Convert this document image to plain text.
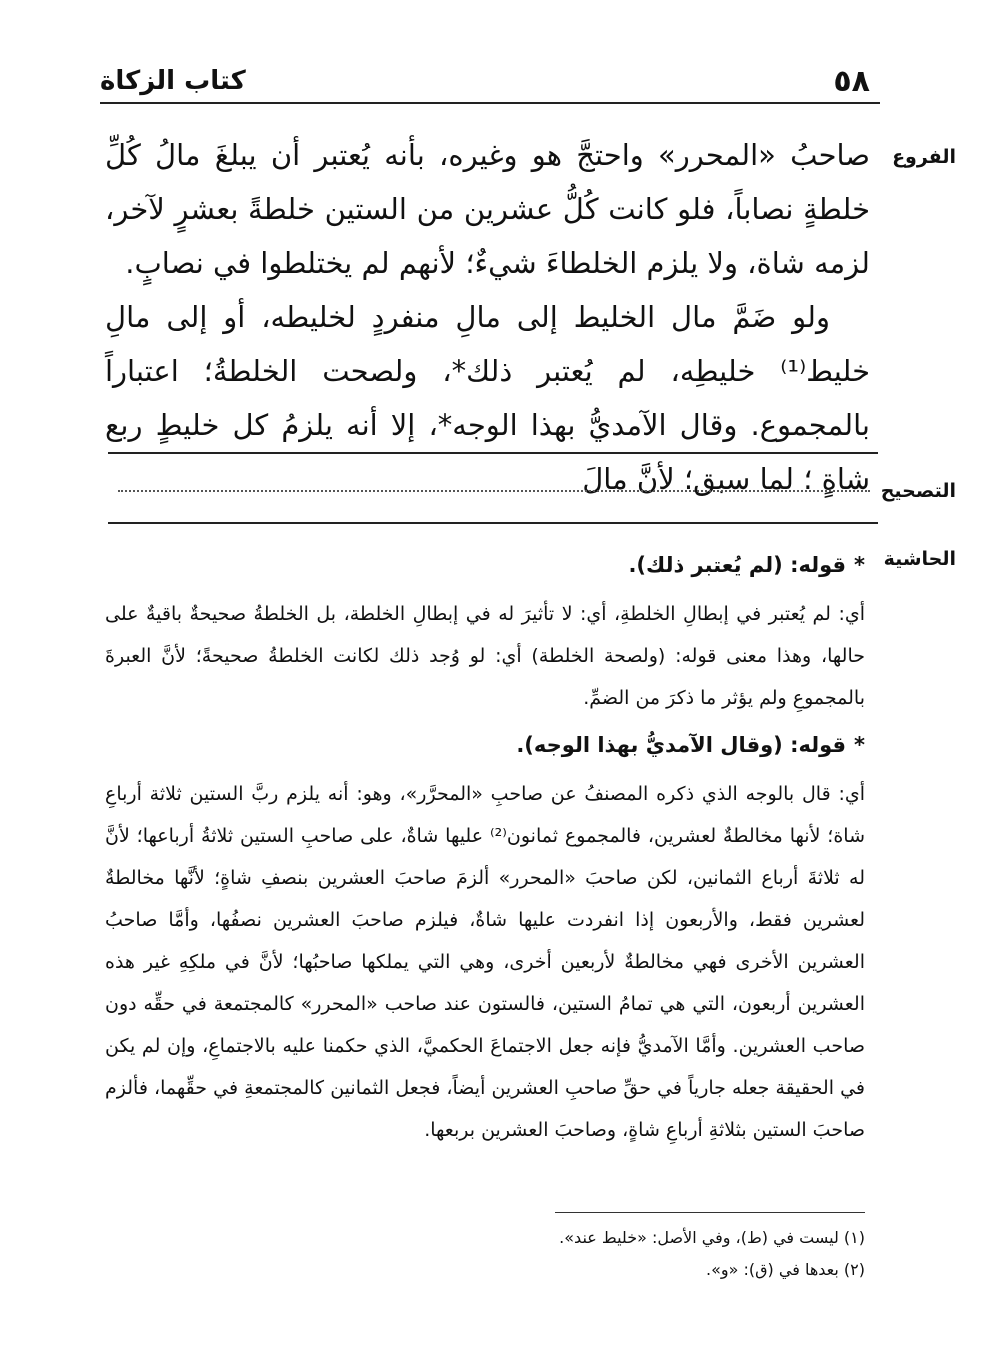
٥٨
كتاب الزكاة
الفروع

صاحبُ «المحرر» واحتجَّ هو وغيره، بأنه يُعتبر أن يبلغَ مالُ كُلِّ خلطةٍ نصاباً، فلو كانت كُلُّ عشرين من الستين خلطةً بعشرٍ لآخر، لزمه شاة، ولا يلزم الخلطاءَ شيءٌ؛ لأنهم لم يختلطوا في نصابٍ.

ولو ضَمَّ مال الخليط إلى مالِ منفردٍ لخليطه، أو إلى مالِ خليط⁽¹⁾ خليطِه، لم يُعتبر ذلك*، ولصحت الخلطةُ؛ اعتباراً بالمجموع. وقال الآمديُّ بهذا الوجه*، إلا أنه يلزمُ كل خليطٍ ربع شاةٍ ؛ لما سبق؛ لأنَّ مالَ التصحيح
الحاشية

*قوله: (لم يُعتبر ذلك).

أي: لم يُعتبر في إبطالِ الخلطةِ، أي: لا تأثيرَ له في إبطالِ الخلطة، بل الخلطةُ صحيحةٌ باقيةٌ على حالها، وهذا معنى قوله: (ولصحة الخلطة) أي: لو وُجد ذلك لكانت الخلطةُ صحيحةً؛ لأنَّ العبرةَ بالمجموعِ ولم يؤثر ما ذكرَ من الضمِّ.

*قوله: (وقال الآمديُّ بهذا الوجه).

أي: قال بالوجه الذي ذكره المصنفُ عن صاحبِ «المحرَّر»، وهو: أنه يلزم ربَّ الستين ثلاثة أرباعِ شاة؛ لأنها مخالطةٌ لعشرين، فالمجموع ثمانون⁽²⁾ عليها شاةٌ، على صاحبِ الستين ثلاثةُ أرباعها؛ لأنَّ له ثلاثةَ أرباع الثمانين، لكن صاحبَ «المحرر» ألزمَ صاحبَ العشرين بنصفِ شاةٍ؛ لأنَّها مخالطةٌ لعشرين فقط، والأربعون إذا انفردت عليها شاةٌ، فيلزم صاحبَ العشرين نصفُها، وأمَّا صاحبُ العشرين الأخرى فهي مخالطةٌ لأربعين أخرى، وهي التي يملكها صاحبُها؛ لأنَّ في ملكِهِ غير هذه العشرين أربعون، التي هي تمامُ الستين، فالستون عند صاحب «المحرر» كالمجتمعة في حقِّه دون صاحب العشرين. وأمَّا الآمديُّ فإنه جعل الاجتماعَ الحكميَّ، الذي حكمنا عليه بالاجتماعِ، وإن لم يكن في الحقيقة جعله جارياً في حقِّ صاحبِ العشرين أيضاً، فجعل الثمانين كالمجتمعةِ في حقِّهما، فألزم صاحبَ الستين بثلاثةِ أرباعِ شاةٍ، وصاحبَ العشرين بربعها.

(١) ليست في (ط)، وفي الأصل: «خليط عند».

(٢) بعدها في (ق): «و».
